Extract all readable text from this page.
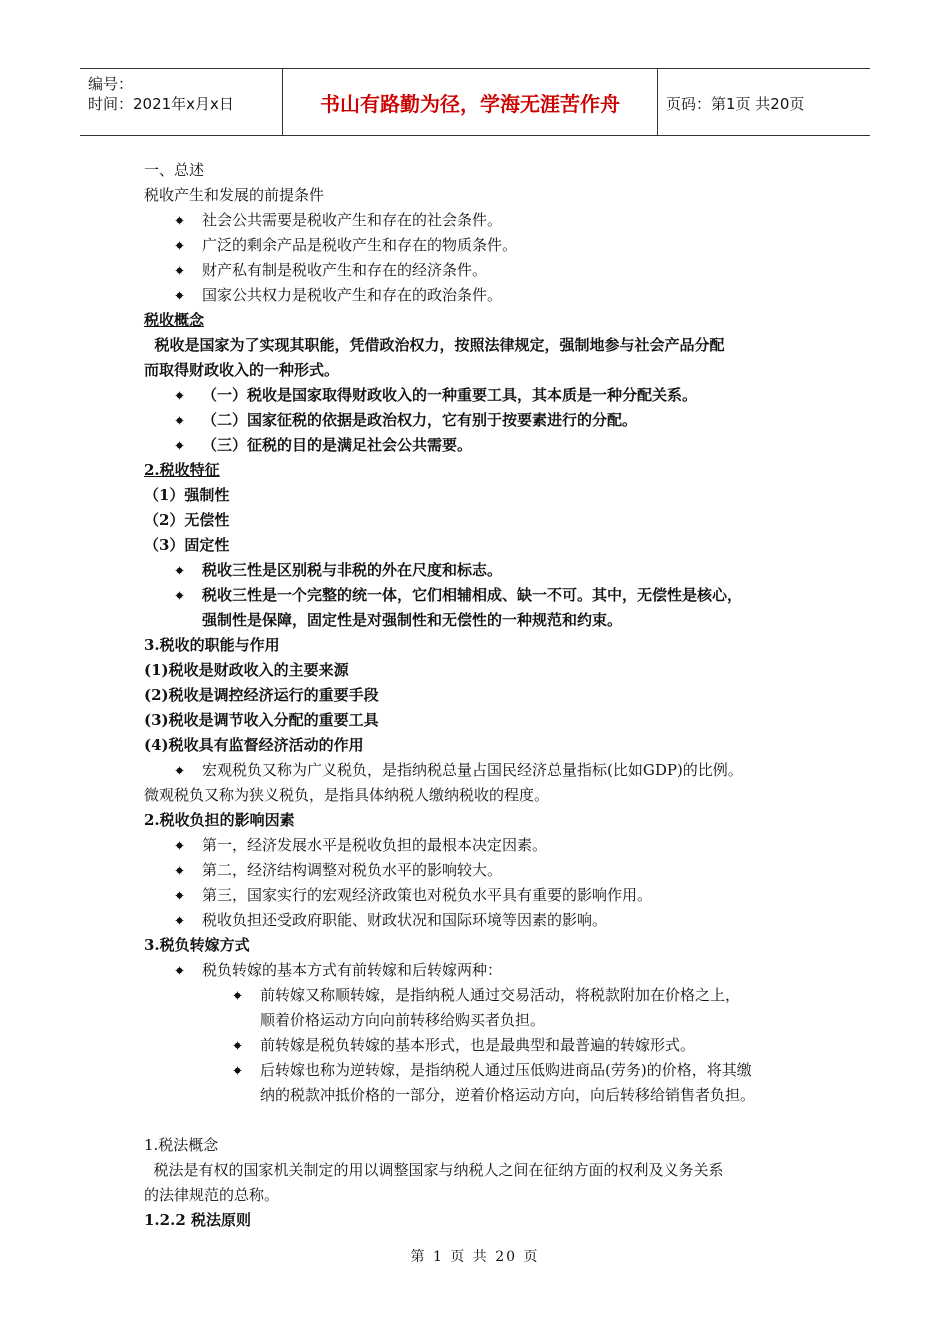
编号：
时间：2021年x月x日	书山有路勤为径，学海无涯苦作舟	页码：第1页 共20页
一、总述
税收产生和发展的前提条件
社会公共需要是税收产生和存在的社会条件。
广泛的剩余产品是税收产生和存在的物质条件。
财产私有制是税收产生和存在的经济条件。
国家公共权力是税收产生和存在的政治条件。
税收概念
税收是国家为了实现其职能，凭借政治权力，按照法律规定，强制地参与社会产品分配
而取得财政收入的一种形式。
（一）税收是国家取得财政收入的一种重要工具，其本质是一种分配关系。
（二）国家征税的依据是政治权力，它有别于按要素进行的分配。
（三）征税的目的是满足社会公共需要。
2.税收特征
（1）强制性
（2）无偿性
（3）固定性
税收三性是区别税与非税的外在尺度和标志。
税收三性是一个完整的统一体，它们相辅相成、缺一不可。其中，无偿性是核心，
强制性是保障，固定性是对强制性和无偿性的一种规范和约束。
3.税收的职能与作用
(1)税收是财政收入的主要来源
(2)税收是调控经济运行的重要手段
(3)税收是调节收入分配的重要工具
(4)税收具有监督经济活动的作用
宏观税负又称为广义税负，是指纳税总量占国民经济总量指标(比如GDP)的比例。
微观税负又称为狭义税负，是指具体纳税人缴纳税收的程度。
2.税收负担的影响因素
第一，经济发展水平是税收负担的最根本决定因素。
第二，经济结构调整对税负水平的影响较大。
第三，国家实行的宏观经济政策也对税负水平具有重要的影响作用。
税收负担还受政府职能、财政状况和国际环境等因素的影响。
3.税负转嫁方式
税负转嫁的基本方式有前转嫁和后转嫁两种：
前转嫁又称顺转嫁，是指纳税人通过交易活动，将税款附加在价格之上，
顺着价格运动方向向前转移给购买者负担。
前转嫁是税负转嫁的基本形式，也是最典型和最普遍的转嫁形式。
后转嫁也称为逆转嫁，是指纳税人通过压低购进商品(劳务)的价格，将其缴
纳的税款冲抵价格的一部分，逆着价格运动方向，向后转移给销售者负担。
1.税法概念
税法是有权的国家机关制定的用以调整国家与纳税人之间在征纳方面的权利及义务关系
的法律规范的总称。
1.2.2 税法原则
第 1 页 共 20 页
